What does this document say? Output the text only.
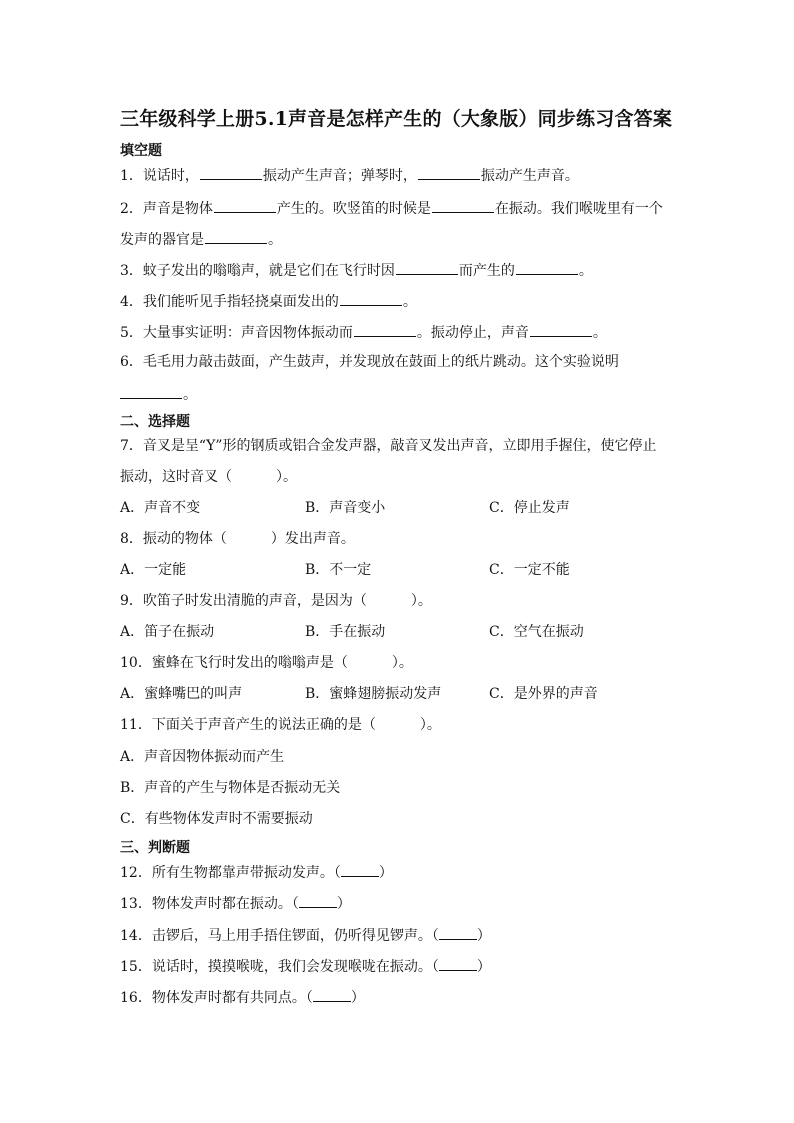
三年级科学上册5.1声音是怎样产生的（大象版）同步练习含答案
填空题
1．说话时，	振动产生声音；弹琴时，	振动产生声音。
2．声音是物体	产生的。吹竖笛的时候是	在振动。我们喉咙里有一个
发声的器官是	。
3．蚊子发出的嗡嗡声，就是它们在飞行时因	而产生的	。
4．我们能听见手指轻挠桌面发出的	。
5．大量事实证明：声音因物体振动而	。振动停止，声音	。
6．毛毛用力敲击鼓面，产生鼓声，并发现放在鼓面上的纸片跳动。这个实验说明
。
二、选择题
7．音叉是呈“Y”形的钢质或铝合金发声器，敲音叉发出声音，立即用手握住，使它停止
振动，这时音叉（	）。
A．声音不变	B．声音变小	C．停止发声
8．振动的物体（	）发出声音。
A．一定能	B．不一定	C．一定不能
9．吹笛子时发出清脆的声音，是因为（	）。
A．笛子在振动	B．手在振动	C．空气在振动
10．蜜蜂在飞行时发出的嗡嗡声是（	）。
A．蜜蜂嘴巴的叫声	B．蜜蜂翅膀振动发声	C．是外界的声音
11．下面关于声音产生的说法正确的是（	）。
A．声音因物体振动而产生
B．声音的产生与物体是否振动无关
C．有些物体发声时不需要振动
三、判断题
12．所有生物都靠声带振动发声。（	）
13．物体发声时都在振动。（	）
14．击锣后，马上用手捂住锣面，仍听得见锣声。（	）
15．说话时，摸摸喉咙，我们会发现喉咙在振动。（	）
16．物体发声时都有共同点。（	）
